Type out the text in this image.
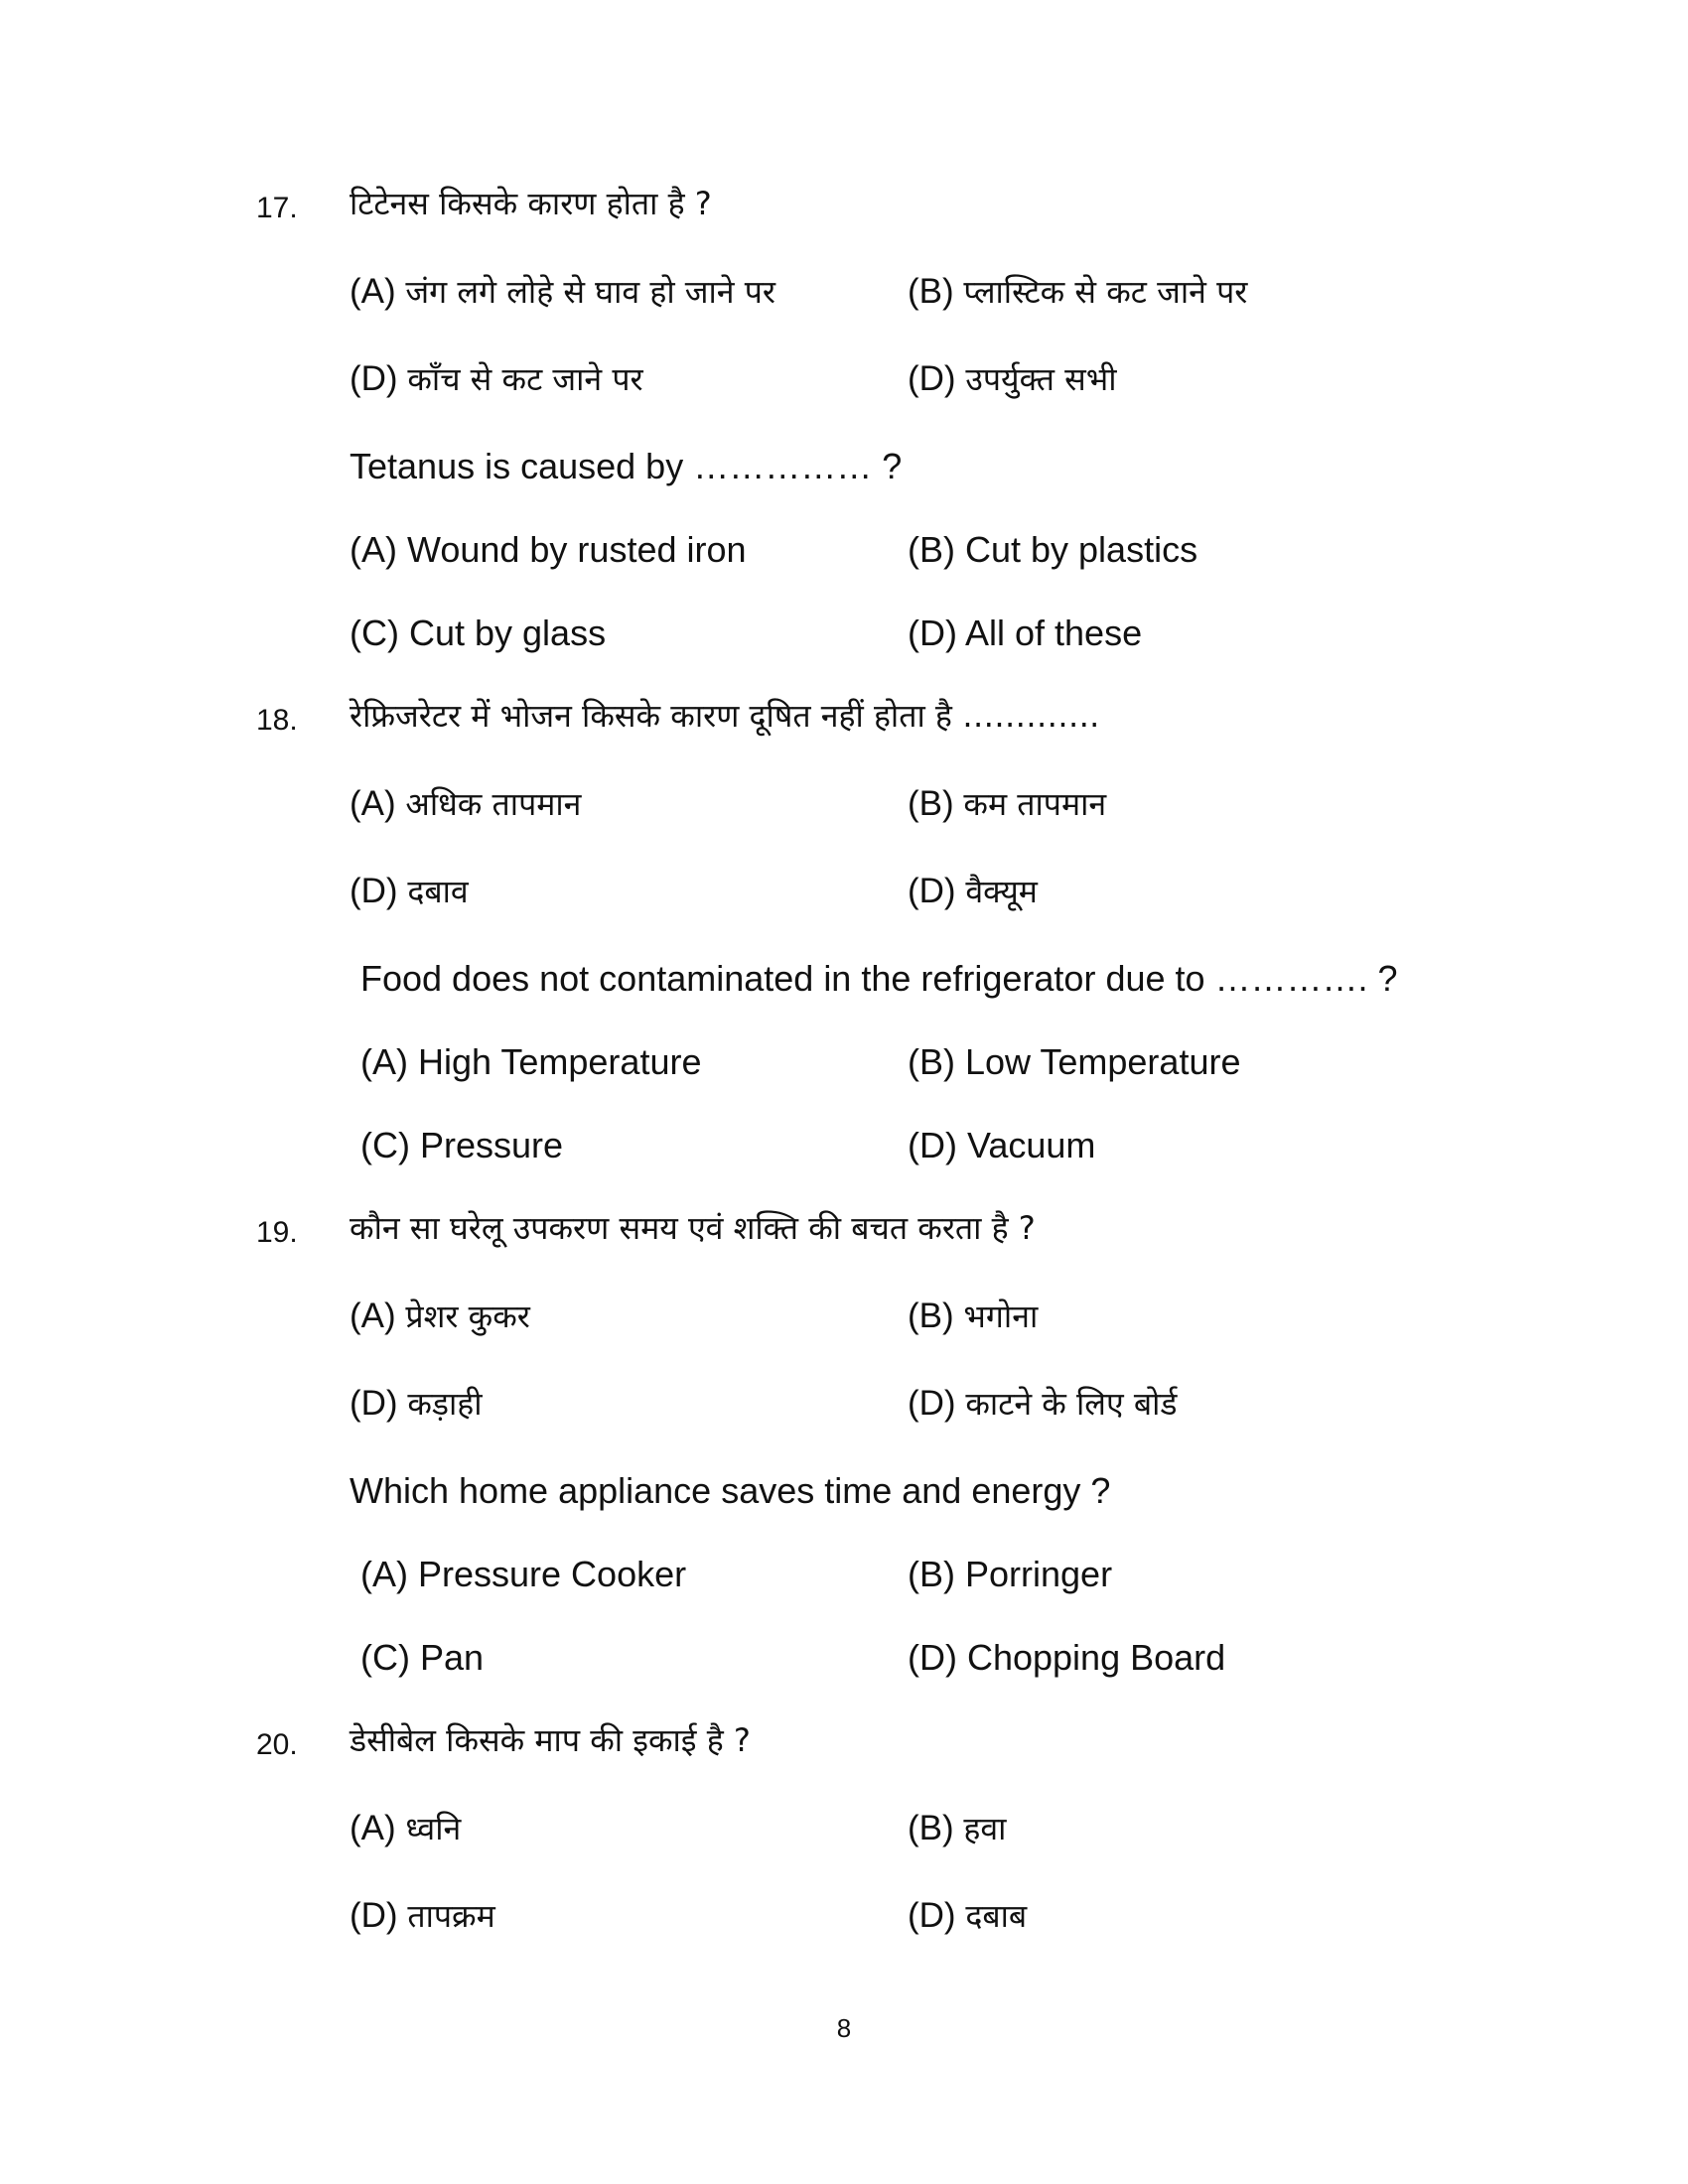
17. टिटेनस किसके कारण होता है ?
(A) जंग लगे लोहे से घाव हो जाने पर	(B) प्लास्टिक से कट जाने पर
(D) काँच से कट जाने पर	(D) उपर्युक्त सभी
Tetanus is caused by …………… ?
(A) Wound by rusted iron	(B) Cut by plastics
(C) Cut by glass	(D) All of these
18. रेफ्रिजरेटर में भोजन किसके कारण दूषित नहीं होता है ………….
(A) अधिक तापमान	(B) कम तापमान
(D) दबाव	(D) वैक्यूम
Food does not contaminated in the refrigerator due to …………. ?
(A) High Temperature	(B) Low Temperature
(C) Pressure	(D) Vacuum
19. कौन सा घरेलू उपकरण समय एवं शक्ति की बचत करता है ?
(A) प्रेशर कुकर	(B) भगोना
(D) कड़ाही	(D) काटने के लिए बोर्ड
Which home appliance saves time and energy ?
(A) Pressure Cooker	(B) Porringer
(C) Pan	(D) Chopping Board
20. डेसीबेल किसके माप की इकाई है ?
(A) ध्वनि	(B) हवा
(D) तापक्रम	(D) दबाब
8
